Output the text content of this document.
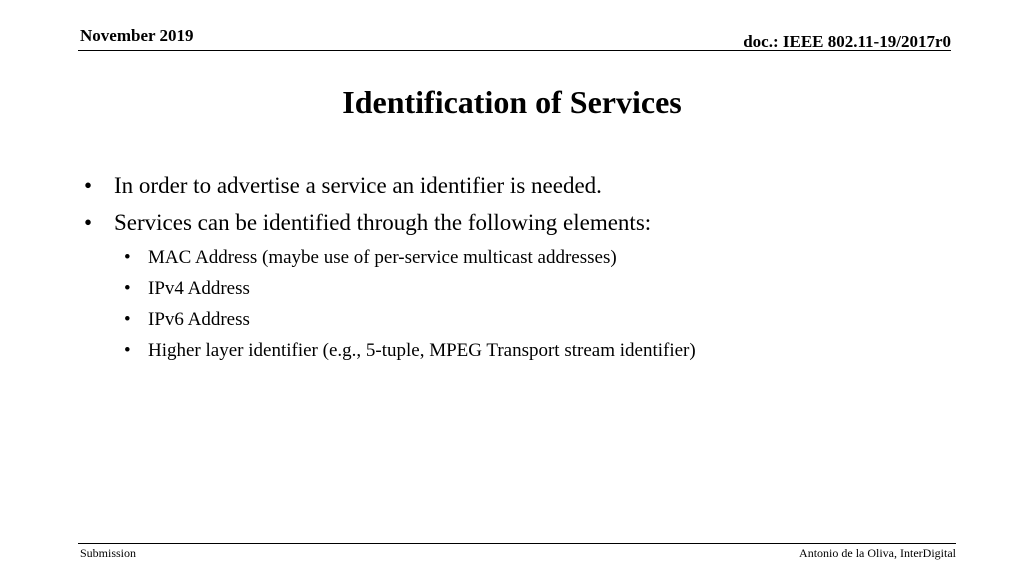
November 2019	doc.: IEEE 802.11-19/2017r0
Identification of Services
• In order to advertise a service an identifier is needed.
• Services can be identified through the following elements:
• MAC Address (maybe use of per-service multicast addresses)
• IPv4 Address
• IPv6 Address
• Higher layer identifier (e.g., 5-tuple, MPEG Transport stream identifier)
Submission	Antonio de la Oliva, InterDigital
